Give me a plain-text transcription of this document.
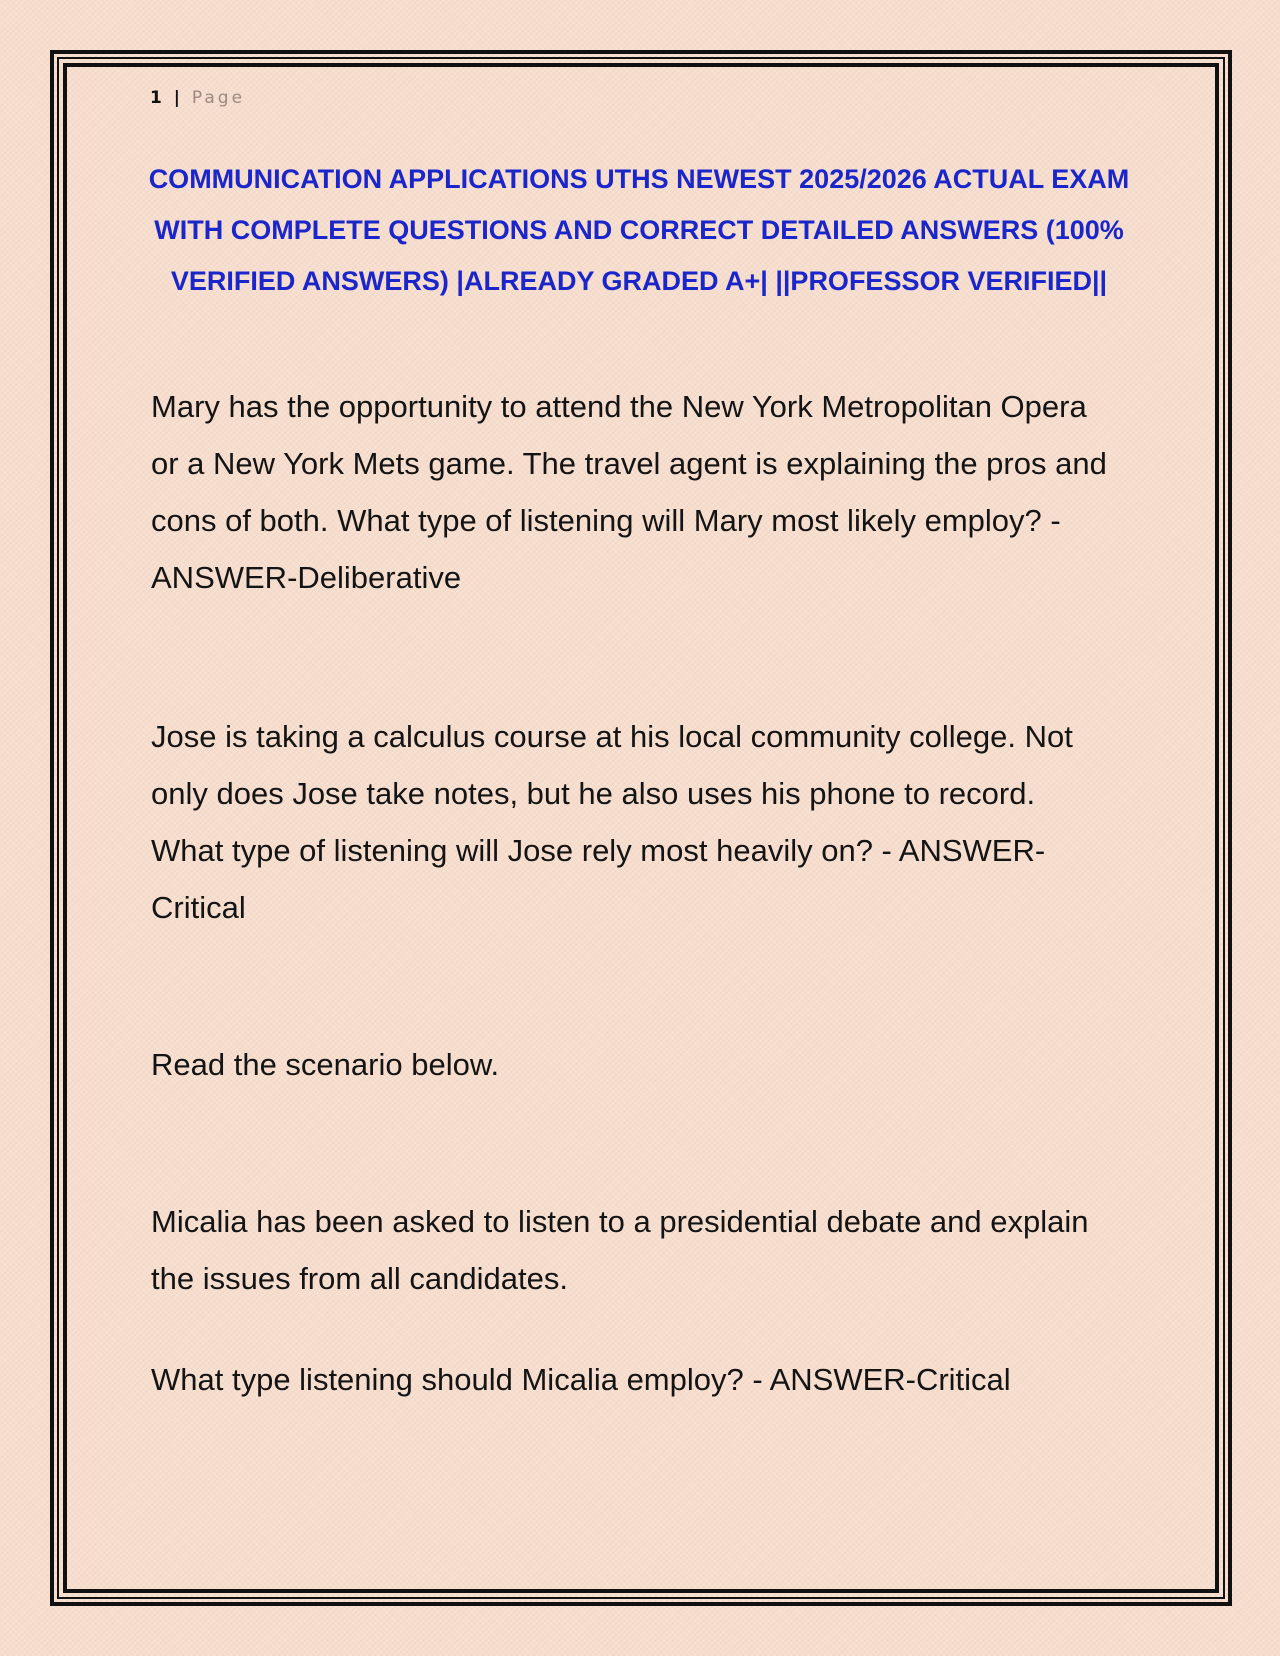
1 | Page
COMMUNICATION APPLICATIONS UTHS NEWEST 2025/2026 ACTUAL EXAM WITH COMPLETE QUESTIONS AND CORRECT DETAILED ANSWERS (100% VERIFIED ANSWERS) |ALREADY GRADED A+| ||PROFESSOR VERIFIED||

Mary has the opportunity to attend the New York Metropolitan Opera or a New York Mets game. The travel agent is explaining the pros and cons of both. What type of listening will Mary most likely employ? - ANSWER-Deliberative

Jose is taking a calculus course at his local community college. Not only does Jose take notes, but he also uses his phone to record. What type of listening will Jose rely most heavily on? - ANSWER-Critical

Read the scenario below.

Micalia has been asked to listen to a presidential debate and explain the issues from all candidates.

What type listening should Micalia employ? - ANSWER-Critical
